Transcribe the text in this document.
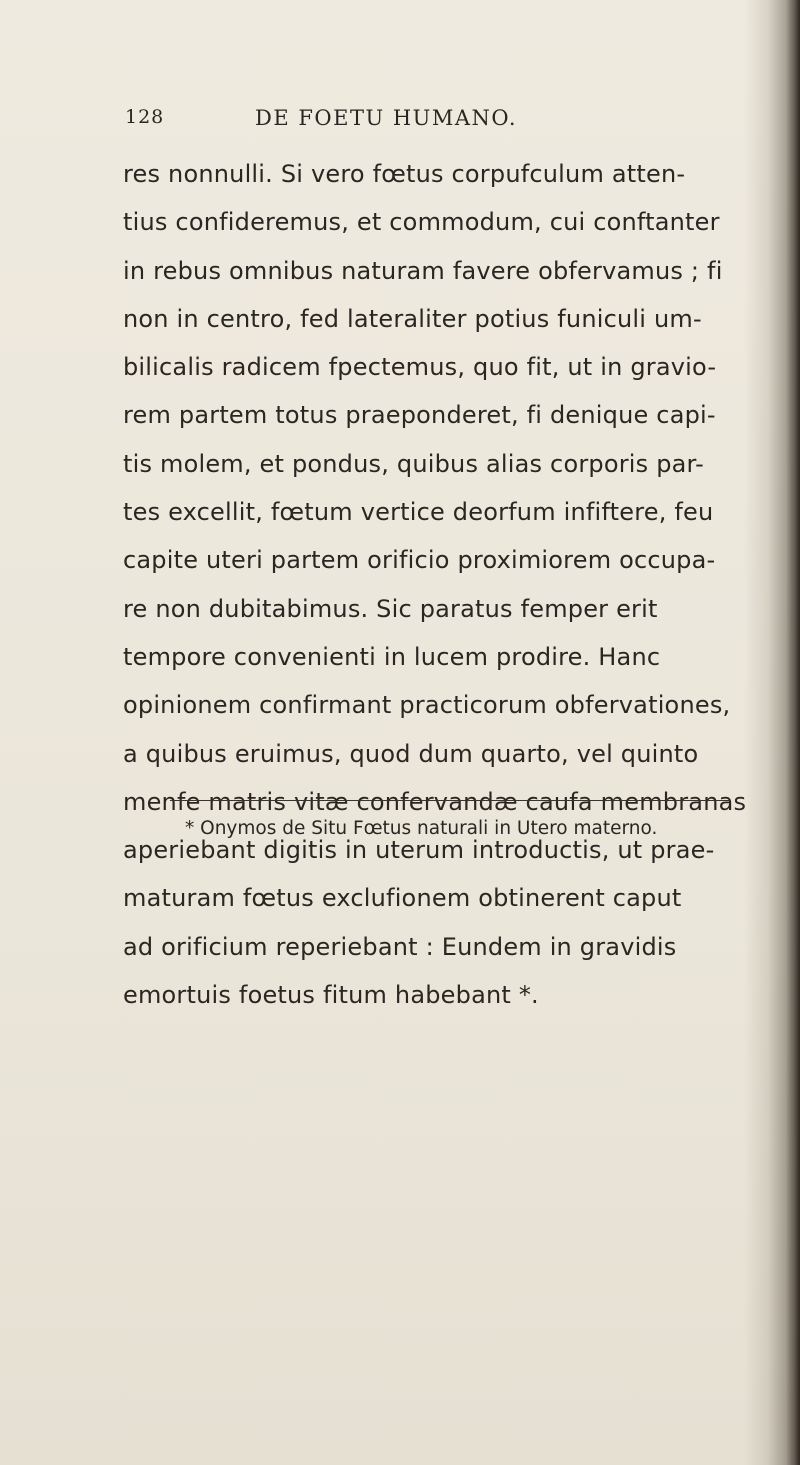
128	DE FOETU HUMANO.
res nonnulli. Si vero fœtus corpufculum atten-
tius confideremus, et commodum, cui conftanter
in rebus omnibus naturam favere obfervamus ; fi
non in centro, fed lateraliter potius funiculi um-
bilicalis radicem fpectemus, quo fit, ut in gravio-
rem partem totus praeponderet, fi denique capi-
tis molem, et pondus, quibus alias corporis par-
tes excellit, fœtum vertice deorfum infiftere, feu
capite uteri partem orificio proximiorem occupa-
re non dubitabimus. Sic paratus femper erit
tempore convenienti in lucem prodire. Hanc
opinionem confirmant practicorum obfervationes,
a quibus eruimus, quod dum quarto, vel quinto
menfe matris vitæ confervandæ caufa membranas
aperiebant digitis in uterum introductis, ut prae-
maturam fœtus exclufionem obtinerent caput
ad orificium reperiebant : Eundem in gravidis
emortuis foetus fitum habebant *.
* Onymos de Situ Fœtus naturali in Utero materno.
